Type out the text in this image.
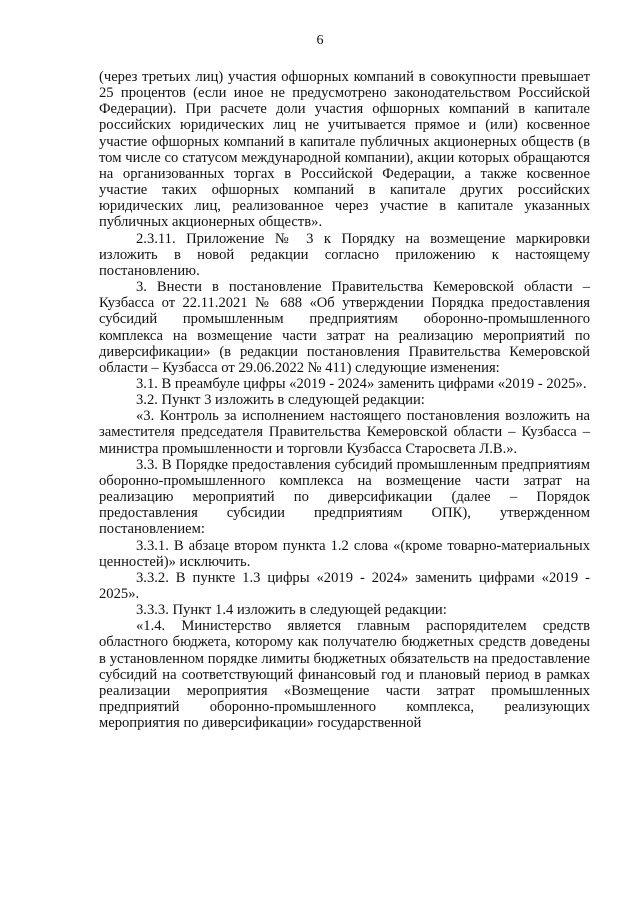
6

(через третьих лиц) участия офшорных компаний в совокупности превышает 25 процентов (если иное не предусмотрено законодательством Российской Федерации). При расчете доли участия офшорных компаний в капитале российских юридических лиц не учитывается прямое и (или) косвенное участие офшорных компаний в капитале публичных акционерных обществ (в том числе со статусом международной компании), акции которых обращаются на организованных торгах в Российской Федерации, а также косвенное участие таких офшорных компаний в капитале других российских юридических лиц, реализованное через участие в капитале указанных публичных акционерных обществ».

2.3.11. Приложение № 3 к Порядку на возмещение маркировки изложить в новой редакции согласно приложению к настоящему постановлению.

3. Внести в постановление Правительства Кемеровской области – Кузбасса от 22.11.2021 № 688 «Об утверждении Порядка предоставления субсидий промышленным предприятиям оборонно-промышленного комплекса на возмещение части затрат на реализацию мероприятий по диверсификации» (в редакции постановления Правительства Кемеровской области – Кузбасса от 29.06.2022 № 411) следующие изменения:

3.1. В преамбуле цифры «2019 - 2024» заменить цифрами «2019 - 2025».

3.2. Пункт 3 изложить в следующей редакции:

«3. Контроль за исполнением настоящего постановления возложить на заместителя председателя Правительства Кемеровской области – Кузбасса – министра промышленности и торговли Кузбасса Старосвета Л.В.».

3.3. В Порядке предоставления субсидий промышленным предприятиям оборонно-промышленного комплекса на возмещение части затрат на реализацию мероприятий по диверсификации (далее – Порядок предоставления субсидии предприятиям ОПК), утвержденном постановлением:

3.3.1. В абзаце втором пункта 1.2 слова «(кроме товарно-материальных ценностей)» исключить.

3.3.2. В пункте 1.3 цифры «2019 - 2024» заменить цифрами «2019 - 2025».

3.3.3. Пункт 1.4 изложить в следующей редакции:

«1.4. Министерство является главным распорядителем средств областного бюджета, которому как получателю бюджетных средств доведены в установленном порядке лимиты бюджетных обязательств на предоставление субсидий на соответствующий финансовый год и плановый период в рамках реализации мероприятия «Возмещение части затрат промышленных предприятий оборонно-промышленного комплекса, реализующих мероприятия по диверсификации» государственной
